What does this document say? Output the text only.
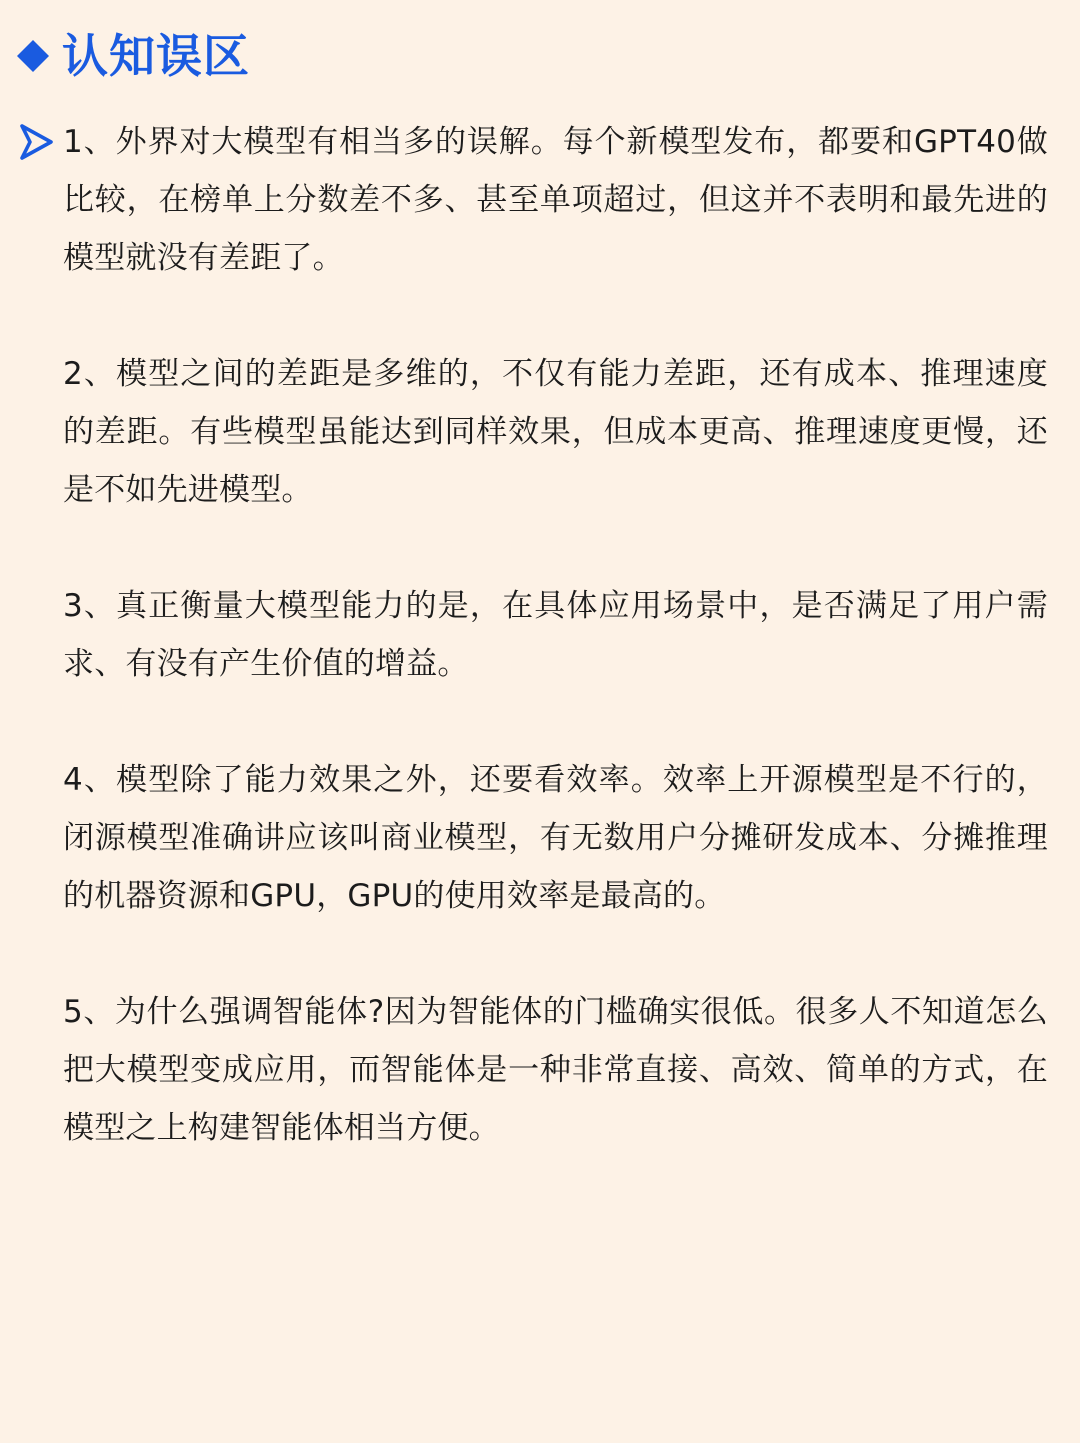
认知误区

1、外界对大模型有相当多的误解。每个新模型发布，都要和GPT40做比较，在榜单上分数差不多、甚至单项超过，但这并不表明和最先进的模型就没有差距了。

2、模型之间的差距是多维的，不仅有能力差距，还有成本、推理速度的差距。有些模型虽能达到同样效果，但成本更高、推理速度更慢，还是不如先进模型。

3、真正衡量大模型能力的是，在具体应用场景中，是否满足了用户需求、有没有产生价值的增益。

4、模型除了能力效果之外，还要看效率。效率上开源模型是不行的，闭源模型准确讲应该叫商业模型，有无数用户分摊研发成本、分摊推理的机器资源和GPU，GPU的使用效率是最高的。

5、为什么强调智能体?因为智能体的门槛确实很低。很多人不知道怎么把大模型变成应用，而智能体是一种非常直接、高效、简单的方式，在模型之上构建智能体相当方便。
